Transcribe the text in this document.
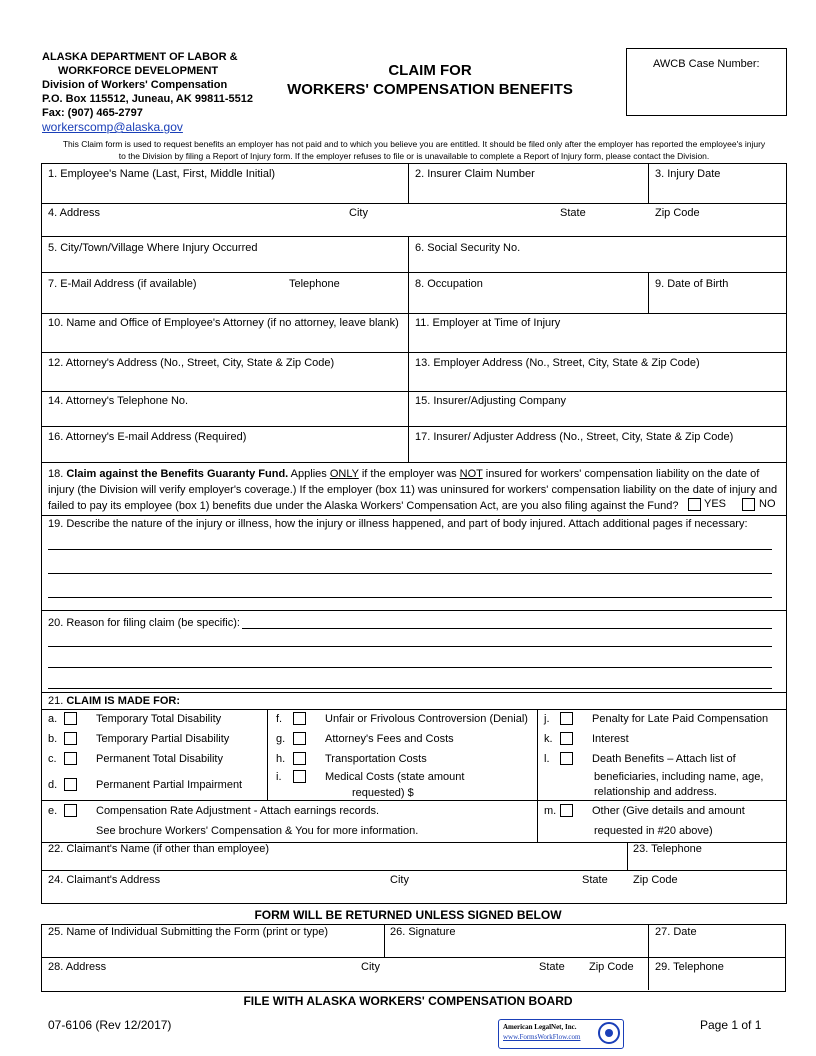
ALASKA DEPARTMENT OF LABOR &
WORKFORCE DEVELOPMENT
Division of Workers' Compensation
P.O. Box 115512, Juneau, AK 99811-5512
Fax: (907) 465-2797
workerscomp@alaska.gov
CLAIM FOR
WORKERS' COMPENSATION BENEFITS
AWCB Case Number:
This Claim form is used to request benefits an employer has not paid and to which you believe you are entitled. It should be filed only after the employer has reported the employee's injury
to the Division by filing a Report of Injury form. If the employer refuses to file or is unavailable to complete a Report of Injury form, please contact the Division.
1. Employee's Name (Last, First, Middle Initial)	2. Insurer Claim Number	3. Injury Date
4. Address	City	State	Zip Code
5. City/Town/Village Where Injury Occurred	6. Social Security No.
7. E-Mail Address (if available)	Telephone	8. Occupation	9. Date of Birth
10. Name and Office of Employee's Attorney (if no attorney, leave blank) 11. Employer at Time of Injury
12. Attorney's Address (No., Street, City, State & Zip Code)	13. Employer Address (No., Street, City, State & Zip Code)
14. Attorney's Telephone No.	15. Insurer/Adjusting Company
16. Attorney's E-mail Address (Required)	17. Insurer/ Adjuster Address (No., Street, City, State & Zip Code)
18. Claim against the Benefits Guaranty Fund. Applies ONLY if the employer was NOT insured for workers' compensation liability on the date of injury (the Division will verify employer's coverage.) If the employer (box 11) was uninsured for workers' compensation liability on the date of injury and failed to pay its employee (box 1) benefits due under the Alaska Workers' Compensation Act, are you also filing against the Fund?	YES	NO
19. Describe the nature of the injury or illness, how the injury or illness happened, and part of body injured. Attach additional pages if necessary:
20. Reason for filing claim (be specific):
21. CLAIM IS MADE FOR:
a.	Temporary Total Disability
b.	Temporary Partial Disability
c.	Permanent Total Disability
d.	Permanent Partial Impairment
e.	Compensation Rate Adjustment - Attach earnings records.
See brochure Workers' Compensation & You for more information.
f.	Unfair or Frivolous Controversion (Denial)
g.	Attorney's Fees and Costs
h.	Transportation Costs
i.	Medical Costs (state amount
requested) $
j.	Penalty for Late Paid Compensation
k.	Interest
l.	Death Benefits – Attach list of
beneficiaries, including name, age,
relationship and address.
m.	Other (Give details and amount
requested in #20 above)
22. Claimant's Name (if other than employee)	23. Telephone
24. Claimant's Address	City	State Zip Code
FORM WILL BE RETURNED UNLESS SIGNED BELOW
25. Name of Individual Submitting the Form (print or type)	26. Signature	27. Date
28. Address	City	State Zip Code 29. Telephone
FILE WITH ALASKA WORKERS' COMPENSATION BOARD
07-6106 (Rev 12/2017)	Page 1 of 1
American LegalNet, Inc.
www.FormsWorkFlow.com
